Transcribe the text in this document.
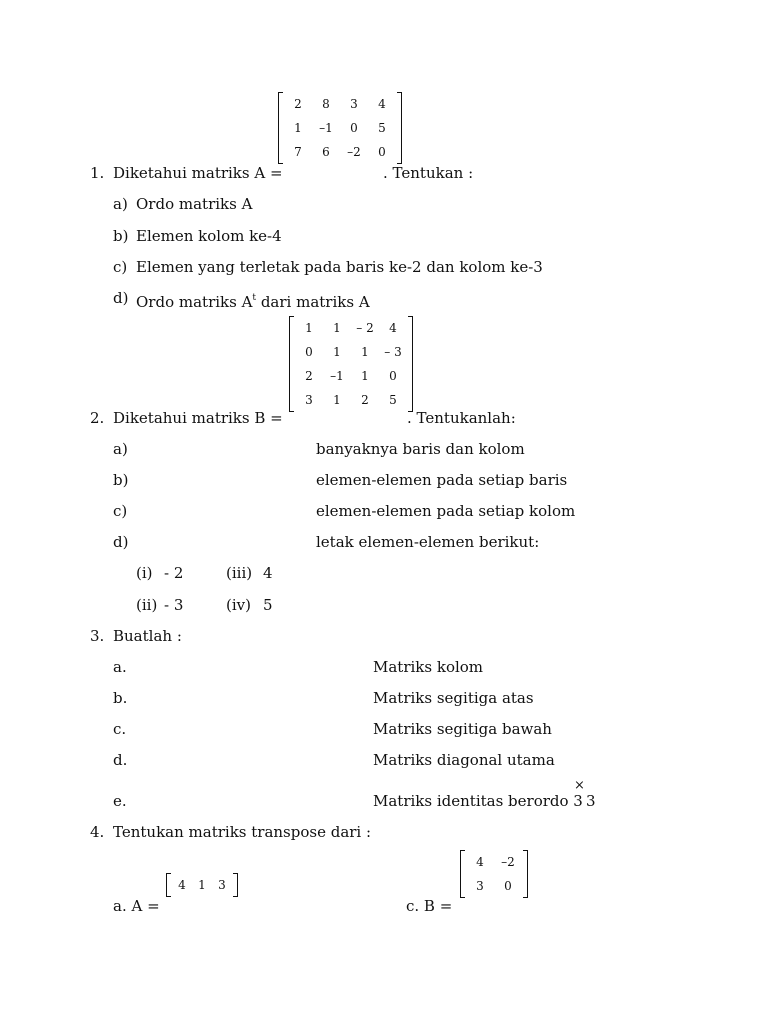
2	8	3	4
1	–1	0	5
7	6	–2	0
1. Diketahui matriks A =	. Tentukan :
a) Ordo matriks A
b) Elemen kolom ke-4
c) Elemen yang terletak pada baris ke-2 dan kolom ke-3
d) Ordo matriks $A^t$ dari matriks A
1	1	– 2	4
0	1	1	– 3
2	–1	1	0
3	1	2	5
2. Diketahui matriks B =	. Tentukanlah:
a)	banyaknya baris dan kolom
b)	elemen-elemen pada setiap baris
c)	elemen-elemen pada setiap kolom
d)	letak elemen-elemen berikut:
(i) - 2	(iii) 4
(ii) - 3	(iv) 5
3. Buatlah :
a.	Matriks kolom
b.	Matriks segitiga atas
c.	Matriks segitiga bawah
d.	Matriks diagonal utama
×
e.	Matriks identitas berordo 3 3
4. Tentukan matriks transpose dari :
4	1	3
a. A =
4	–2
3	0
c. B =
